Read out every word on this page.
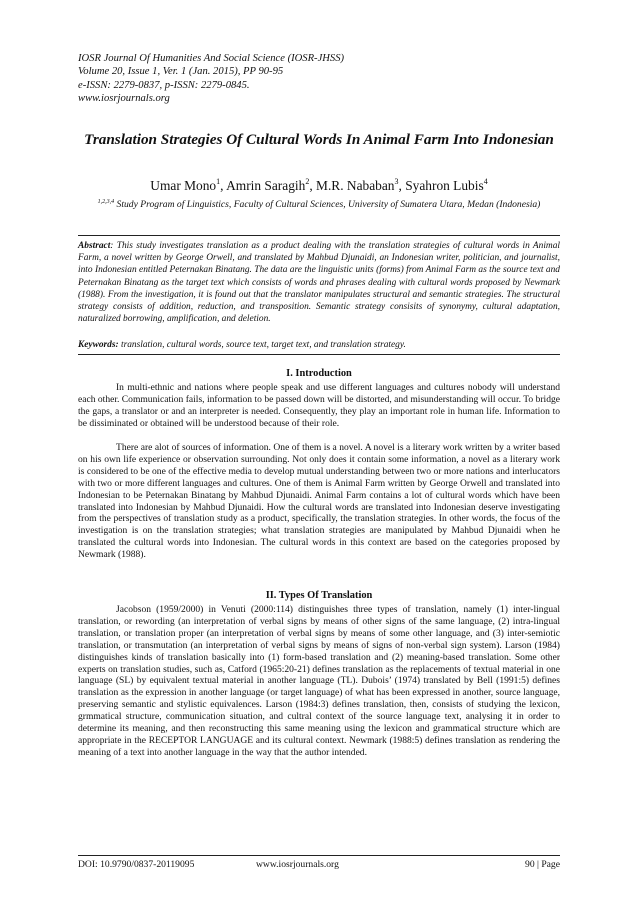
IOSR Journal Of Humanities And Social Science (IOSR-JHSS)
Volume 20, Issue 1, Ver. 1 (Jan. 2015), PP 90-95
e-ISSN: 2279-0837, p-ISSN: 2279-0845.
www.iosrjournals.org
Translation Strategies Of Cultural Words In Animal Farm Into Indonesian
Umar Mono$^1$, Amrin Saragih$^2$, M.R. Nababan$^3$, Syahron Lubis$^4$
$^{1,2,3,4}$ Study Program of Linguistics, Faculty of Cultural Sciences, University of Sumatera Utara, Medan (Indonesia)
Abstract: This study investigates translation as a product dealing with the translation strategies of cultural words in Animal Farm, a novel written by George Orwell, and translated by Mahbud Djunaidi, an Indonesian writer, politician, and journalist, into Indonesian entitled Peternakan Binatang. The data are the linguistic units (forms) from Animal Farm as the source text and Peternakan Binatang as the target text which consists of words and phrases dealing with cultural words proposed by Newmark (1988). From the investigation, it is found out that the translator manipulates structural and semantic strategies. The structural strategy consists of addition, reduction, and transposition. Semantic strategy consisits of synonymy, cultural adaptation, naturalized borrowing, amplification, and deletion.
Keywords: translation, cultural words, source text, target text, and translation strategy.
I. Introduction
In multi-ethnic and nations where people speak and use different languages and cultures nobody will understand each other. Communication fails, information to be passed down will be distorted, and misunderstanding will occur. To bridge the gaps, a translator or and an interpreter is needed. Consequently, they play an important role in human life. Information to be dissiminated or obtained will be understood because of their role.
There are alot of sources of information. One of them is a novel. A novel is a literary work written by a writer based on his own life experience or observation surrounding. Not only does it contain some information, a novel as a literary work is considered to be one of the effective media to develop mutual understanding between two or more nations and interlucators with two or more different languages and cultures. One of them is Animal Farm written by George Orwell and translated into Indonesian to be Peternakan Binatang by Mahbud Djunaidi. Animal Farm contains a lot of cultural words which have been translated into Indonesian by Mahbud Djunaidi. How the cultural words are translated into Indonesian deserve investigating from the perspectives of translation study as a product, specifically, the translation strategies. In other words, the focus of the investigation is on the translation strategies; what translation strategies are manipulated by Mahbud Djunaidi when he translated the cultural words into Indonesian. The cultural words in this context are based on the categories proposed by Newmark (1988).
II. Types Of Translation
Jacobson (1959/2000) in Venuti (2000:114) distinguishes three types of translation, namely (1) inter-lingual translation, or rewording (an interpretation of verbal signs by means of other signs of the same language, (2) intra-lingual translation, or translation proper (an interpretation of verbal signs by means of some other language, and (3) inter-semiotic translation, or transmutation (an interpretation of verbal signs by means of signs of non-verbal sign system). Larson (1984) distinguishes kinds of translation basically into (1) form-based translation and (2) meaning-based translation. Some other experts on translation studies, such as, Catford (1965:20-21) defines translation as the replacements of textual material in one language (SL) by equivalent textual material in another language (TL). Dubois’ (1974) translated by Bell (1991:5) defines translation as the expression in another language (or target language) of what has been expressed in another, source language, preserving semantic and stylistic equivalences. Larson (1984:3) defines translation, then, consists of studying the lexicon, grmmatical structure, communication situation, and cultral context of the source language text, analysing it in order to determine its meaning, and then reconstructing this same meaning using the lexicon and grammatical structure which are appropriate in the RECEPTOR LANGUAGE and its cultural context. Newmark (1988:5) defines translation as rendering the meaning of a text into another language in the way that the author intended.
DOI: 10.9790/0837-20119095	www.iosrjournals.org	90 | Page
